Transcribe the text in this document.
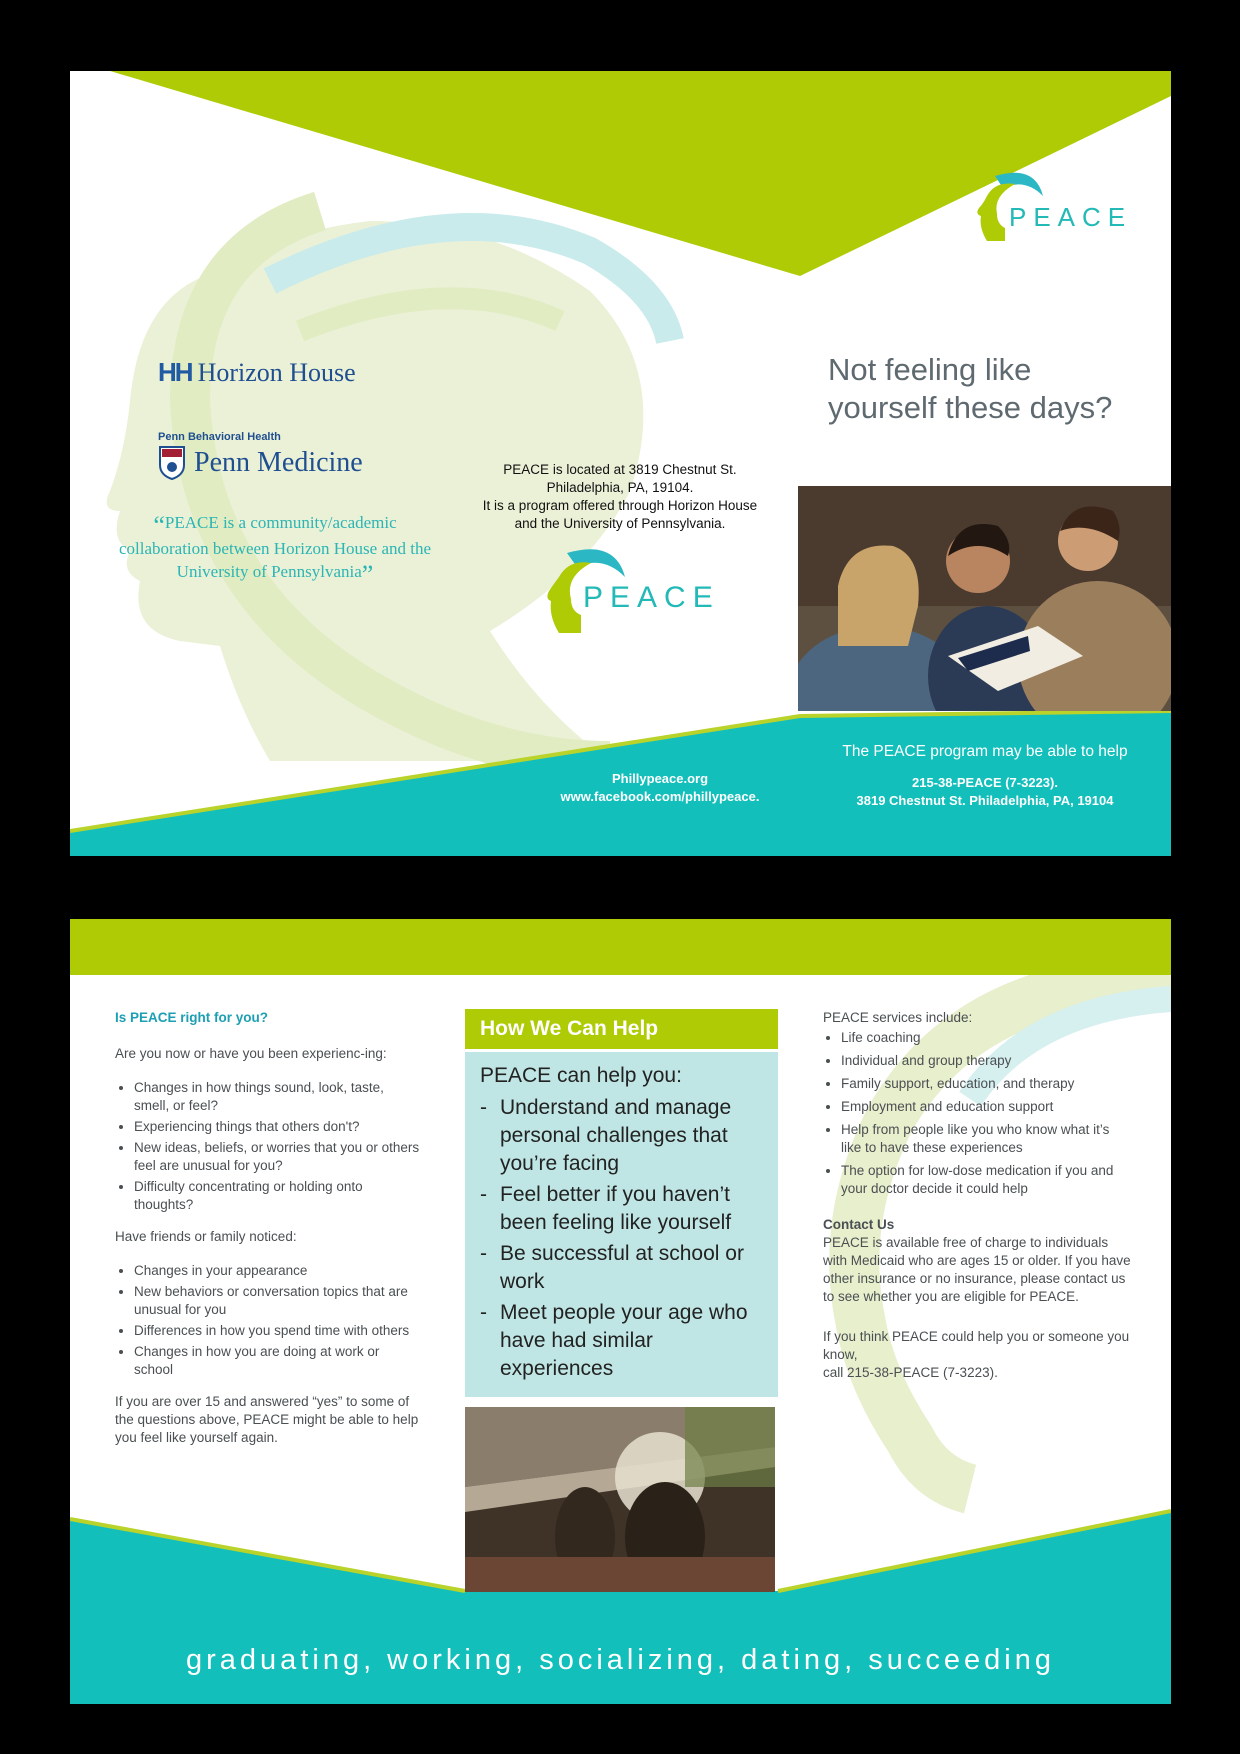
PEACE
Not feeling like yourself these days?
HH Horizon House
Penn Behavioral Health
Penn Medicine
“PEACE is a community/academic collaboration between Horizon House and the University of Pennsylvania”
PEACE is located at 3819 Chestnut St.
Philadelphia, PA, 19104.
It is a program offered through Horizon House
and the University of Pennsylvania.
PEACE
The PEACE program may be able to help
215-38-PEACE (7-3223).
3819 Chestnut St. Philadelphia, PA, 19104
Phillypeace.org
www.facebook.com/phillypeace.
Is PEACE right for you?

Are you now or have you been experienc-ing:

• Changes in how things sound, look, taste, smell, or feel?
• Experiencing things that others don't?
• New ideas, beliefs, or worries that you or others feel are unusual for you?
• Difficulty concentrating or holding onto thoughts?

Have friends or family noticed:

• Changes in your appearance
• New behaviors or conversation topics that are unusual for you
• Differences in how you spend time with others
• Changes in how you are doing at work or school

If you are over 15 and answered “yes” to some of the questions above, PEACE might be able to help you feel like yourself again.

How We Can Help
PEACE can help you:
- Understand and manage personal challenges that you’re facing
- Feel better if you haven’t been feeling like yourself
- Be successful at school or work
- Meet people your age who have had similar experiences
PEACE services include:
• Life coaching
• Individual and group therapy
• Family support, education, and therapy
• Employment and education support
• Help from people like you who know what it’s like to have these experiences
• The option for low-dose medication if you and your doctor decide it could help
Contact Us

PEACE is available free of charge to individuals with Medicaid who are ages 15 or older. If you have other insurance or no insurance, please contact us to see whether you are eligible for PEACE.

If you think PEACE could help you or someone you know,
call 215-38-PEACE (7-3223).
graduating, working, socializing, dating, succeeding
